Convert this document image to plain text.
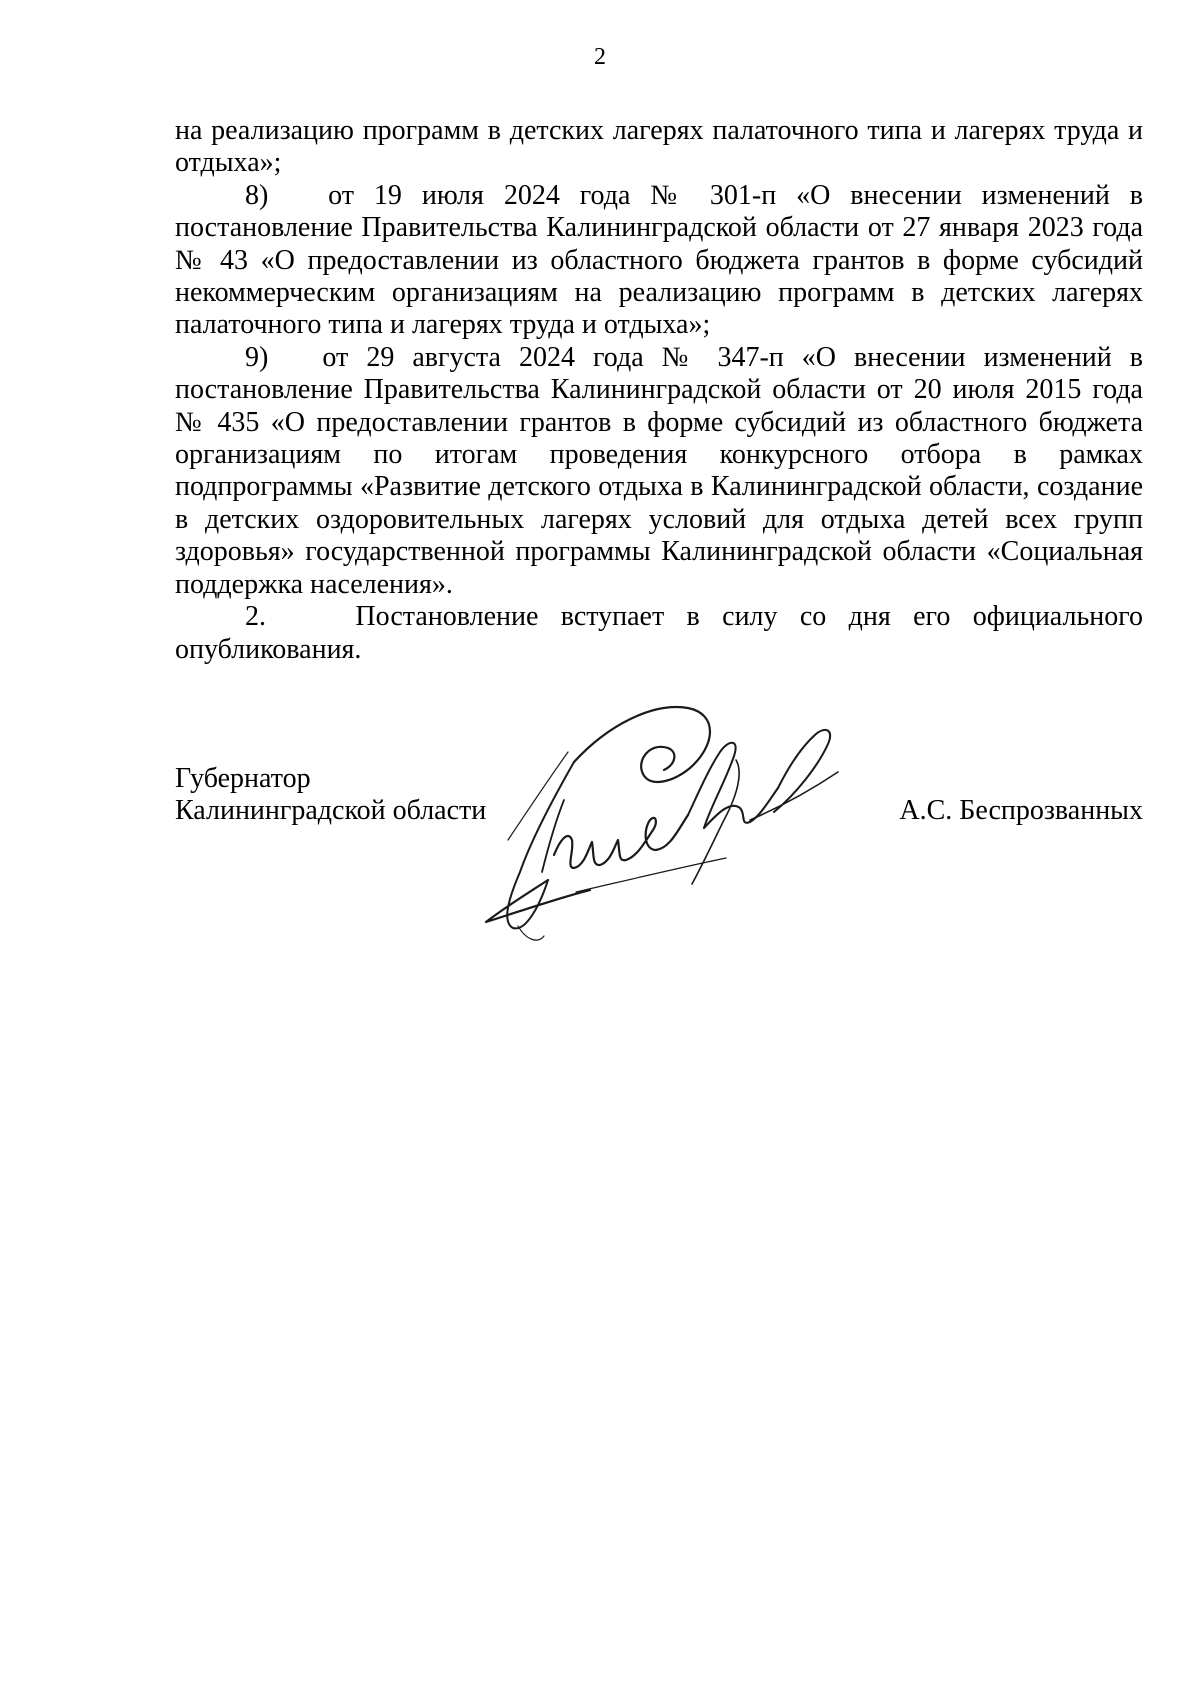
2

на реализацию программ в детских лагерях палаточного типа и лагерях труда и отдыха»;

8)   от 19 июля 2024 года № 301-п «О внесении изменений в постановление Правительства Калининградской области от 27 января 2023 года № 43 «О предоставлении из областного бюджета грантов в форме субсидий некоммерческим организациям на реализацию программ в детских лагерях палаточного типа и лагерях труда и отдыха»;

9)   от 29 августа 2024 года № 347-п «О внесении изменений в постановление Правительства Калининградской области от 20 июля 2015 года № 435 «О предоставлении грантов в форме субсидий из областного бюджета организациям по итогам проведения конкурсного отбора в рамках подпрограммы «Развитие детского отдыха в Калининградской области, создание в детских оздоровительных лагерях условий для отдыха детей всех групп здоровья» государственной программы Калининградской области «Социальная поддержка населения».

2.    Постановление вступает в силу со дня его официального опубликования.

Губернатор
Калининградской области	А.С. Беспрозванных
